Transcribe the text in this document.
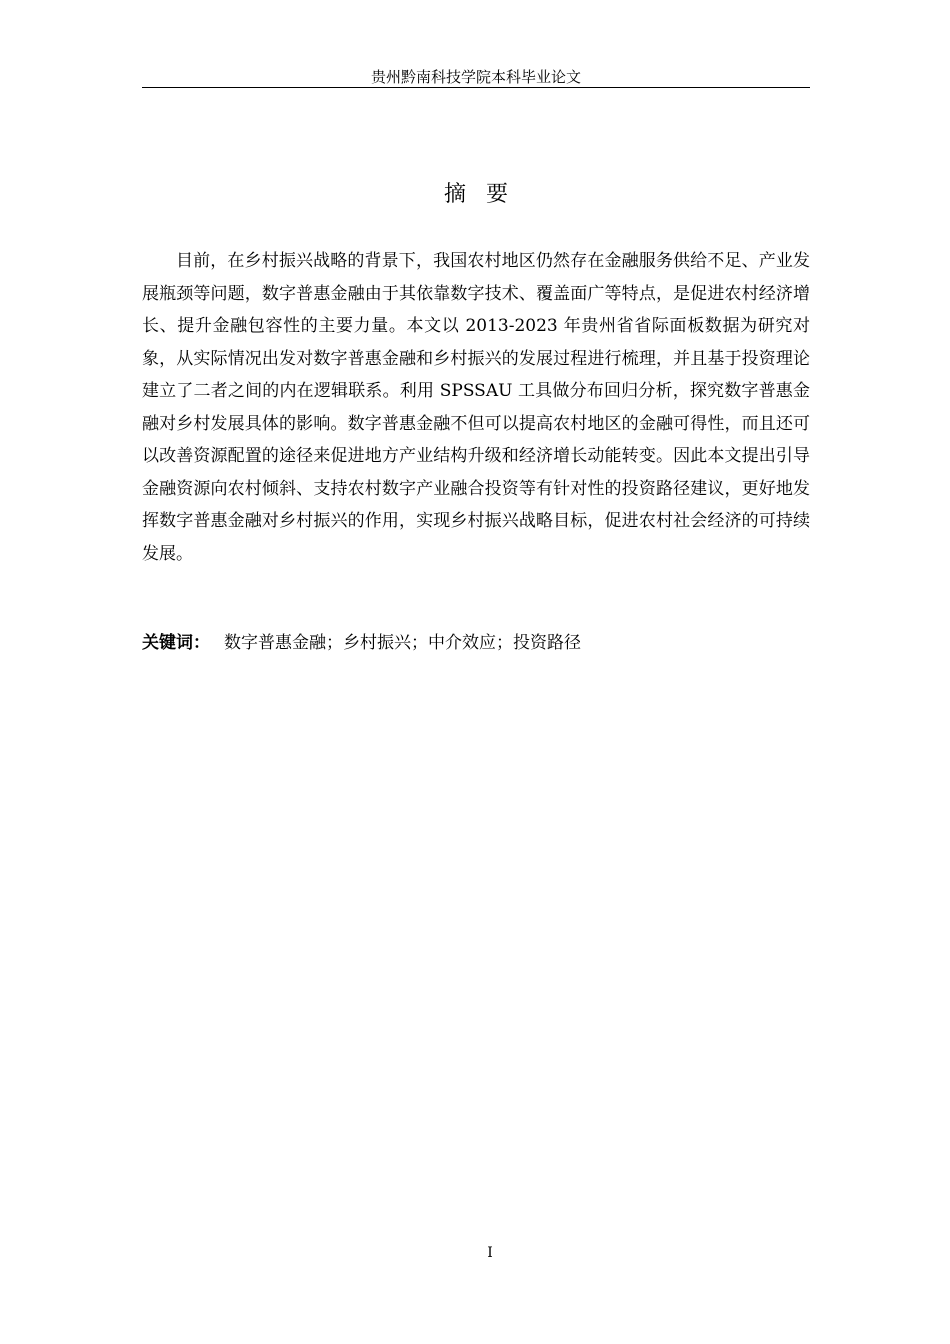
贵州黔南科技学院本科毕业论文
摘要

目前，在乡村振兴战略的背景下，我国农村地区仍然存在金融服务供给不足、产业发展瓶颈等问题，数字普惠金融由于其依靠数字技术、覆盖面广等特点，是促进农村经济增长、提升金融包容性的主要力量。本文以 2013-2023 年贵州省省际面板数据为研究对象，从实际情况出发对数字普惠金融和乡村振兴的发展过程进行梳理，并且基于投资理论建立了二者之间的内在逻辑联系。利用 SPSSAU 工具做分布回归分析，探究数字普惠金融对乡村发展具体的影响。数字普惠金融不但可以提高农村地区的金融可得性，而且还可以改善资源配置的途径来促进地方产业结构升级和经济增长动能转变。因此本文提出引导金融资源向农村倾斜、支持农村数字产业融合投资等有针对性的投资路径建议，更好地发挥数字普惠金融对乡村振兴的作用，实现乡村振兴战略目标，促进农村社会经济的可持续发展。

关键词： 数字普惠金融；乡村振兴；中介效应；投资路径
I
